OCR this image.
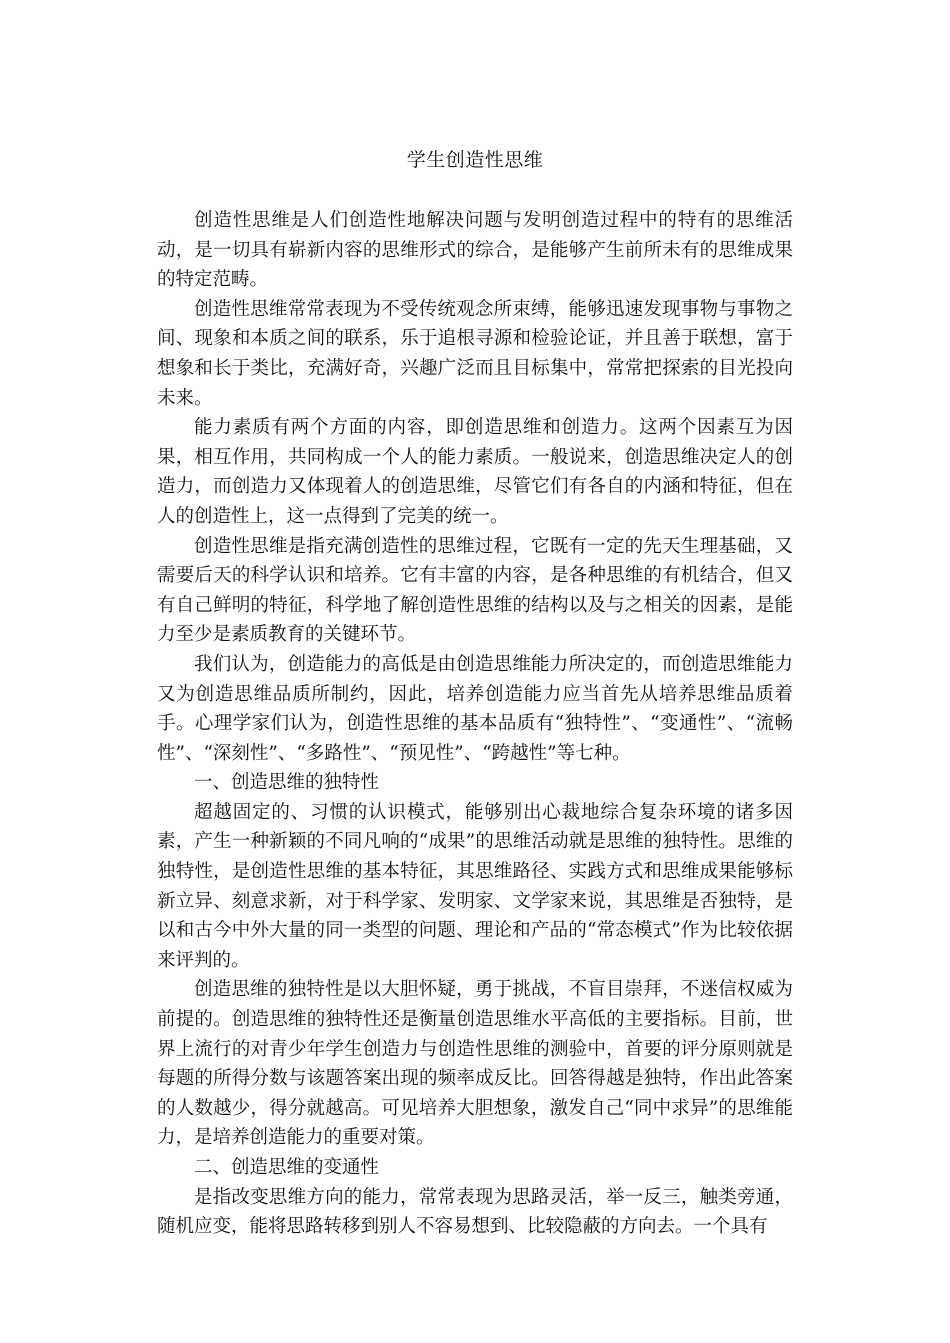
学生创造性思维

创造性思维是人们创造性地解决问题与发明创造过程中的特有的思维活动，是一切具有崭新内容的思维形式的综合，是能够产生前所未有的思维成果的特定范畴。

创造性思维常常表现为不受传统观念所束缚，能够迅速发现事物与事物之间、现象和本质之间的联系，乐于追根寻源和检验论证，并且善于联想，富于想象和长于类比，充满好奇，兴趣广泛而且目标集中，常常把探索的目光投向未来。

能力素质有两个方面的内容，即创造思维和创造力。这两个因素互为因果，相互作用，共同构成一个人的能力素质。一般说来，创造思维决定人的创造力，而创造力又体现着人的创造思维，尽管它们有各自的内涵和特征，但在人的创造性上，这一点得到了完美的统一。

创造性思维是指充满创造性的思维过程，它既有一定的先天生理基础，又需要后天的科学认识和培养。它有丰富的内容，是各种思维的有机结合，但又有自己鲜明的特征，科学地了解创造性思维的结构以及与之相关的因素，是能力至少是素质教育的关键环节。

我们认为，创造能力的高低是由创造思维能力所决定的，而创造思维能力又为创造思维品质所制约，因此，培养创造能力应当首先从培养思维品质着手。心理学家们认为，创造性思维的基本品质有“独特性”、“变通性”、“流畅性”、“深刻性”、“多路性”、“预见性”、“跨越性”等七种。

一、创造思维的独特性

超越固定的、习惯的认识模式，能够别出心裁地综合复杂环境的诸多因素，产生一种新颖的不同凡响的“成果”的思维活动就是思维的独特性。思维的独特性，是创造性思维的基本特征，其思维路径、实践方式和思维成果能够标新立异、刻意求新，对于科学家、发明家、文学家来说，其思维是否独特，是以和古今中外大量的同一类型的问题、理论和产品的“常态模式”作为比较依据来评判的。

创造思维的独特性是以大胆怀疑，勇于挑战，不盲目崇拜，不迷信权威为前提的。创造思维的独特性还是衡量创造思维水平高低的主要指标。目前，世界上流行的对青少年学生创造力与创造性思维的测验中，首要的评分原则就是每题的所得分数与该题答案出现的频率成反比。回答得越是独特，作出此答案的人数越少，得分就越高。可见培养大胆想象，激发自己“同中求异”的思维能力，是培养创造能力的重要对策。

二、创造思维的变通性

是指改变思维方向的能力，常常表现为思路灵活，举一反三，触类旁通，随机应变，能将思路转移到别人不容易想到、比较隐蔽的方向去。一个具有
